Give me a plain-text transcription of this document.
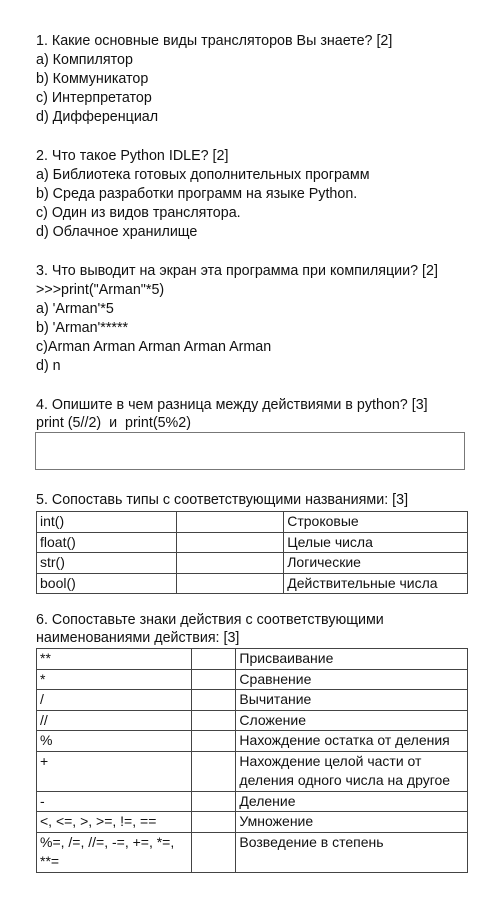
1. Какие основные виды трансляторов Вы знаете? [2]
a) Компилятор
b) Коммуникатор
c) Интерпретатор
d) Дифференциал
2. Что такое Python IDLE? [2]
a) Библиотека готовых дополнительных программ
b) Среда разработки программ на языке Python.
c) Один из видов транслятора.
d) Облачное хранилище
3. Что выводит на экран эта программа при компиляции? [2]
>>>print("Arman"*5)
a) 'Arman'*5
b) 'Arman'*****
c)Arman Arman Arman Arman Arman
d) n
4. Опишите в чем разница между действиями в python? [3]
print (5//2)  и  print(5%2)
5. Сопоставь типы с соответствующими названиями: [3]
int()		Строковые
float()		Целые числа
str()		Логические
bool()		Действительные числа
6. Сопоставьте знаки действия с соответствующими
наименованиями действия: [3]
**		Присваивание
*		Сравнение
/		Вычитание
//		Сложение
%		Нахождение остатка от деления
+		Нахождение целой части от деления одного числа на другое
-		Деление
<, <=, >, >=, !=, ==		Умножение
%=, /=, //=, -=, +=, *=, **=		Возведение в степень
